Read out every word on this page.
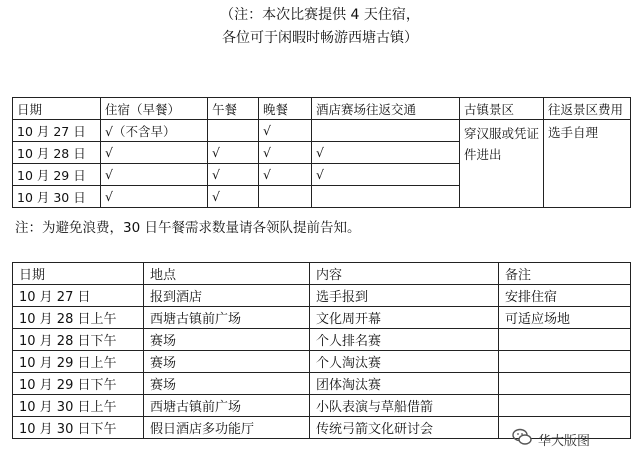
（注：本次比赛提供 4 天住宿，
各位可于闲暇时畅游西塘古镇）
日期	住宿（早餐）	午餐	晚餐	酒店赛场往返交通	古镇景区	往返景区费用
10 月 27 日	√（不含早）		√		穿汉服或凭证件进出	选手自理
10 月 28 日	√	√	√	√		
10 月 29 日	√	√	√	√		
10 月 30 日	√	√				
注：为避免浪费，30 日午餐需求数量请各领队提前告知。
日期	地点	内容	备注
10 月 27 日	报到酒店	选手报到	安排住宿
10 月 28 日上午	西塘古镇前广场	文化周开幕	可适应场地
10 月 28 日下午	赛场	个人排名赛	
10 月 29 日上午	赛场	个人淘汰赛	
10 月 29 日下午	赛场	团体淘汰赛	
10 月 30 日上午	西塘古镇前广场	小队表演与草船借箭	
10 月 30 日下午	假日酒店多功能厅	传统弓箭文化研讨会	
华大版图
